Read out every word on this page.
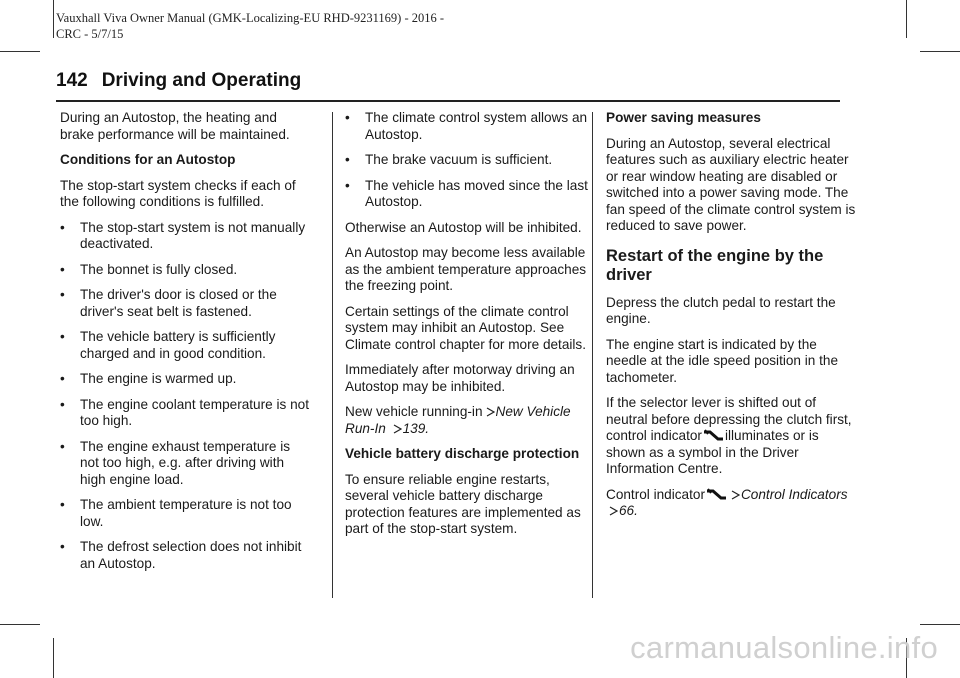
Vauxhall Viva Owner Manual (GMK-Localizing-EU RHD-9231169) - 2016 -
CRC - 5/7/15
142 Driving and Operating

During an Autostop, the heating and brake performance will be maintained.

Conditions for an Autostop

The stop-start system checks if each of the following conditions is fulfilled.

• The stop-start system is not manually deactivated.
• The bonnet is fully closed.
• The driver's door is closed or the driver's seat belt is fastened.
• The vehicle battery is sufficiently charged and in good condition.
• The engine is warmed up.
• The engine coolant temperature is not too high.
• The engine exhaust temperature is not too high, e.g. after driving with high engine load.
• The ambient temperature is not too low.
• The defrost selection does not inhibit an Autostop.
• The climate control system allows an Autostop.
• The brake vacuum is sufficient.
• The vehicle has moved since the last Autostop.

Otherwise an Autostop will be inhibited.

An Autostop may become less available as the ambient temperature approaches the freezing point.

Certain settings of the climate control system may inhibit an Autostop. See Climate control chapter for more details.

Immediately after motorway driving an Autostop may be inhibited.

New vehicle running-in New Vehicle Run-In 139.

Vehicle battery discharge protection

To ensure reliable engine restarts, several vehicle battery discharge protection features are implemented as part of the stop-start system.

Power saving measures

During an Autostop, several electrical features such as auxiliary electric heater or rear window heating are disabled or switched into a power saving mode. The fan speed of the climate control system is reduced to save power.

Restart of the engine by the driver

Depress the clutch pedal to restart the engine.

The engine start is indicated by the needle at the idle speed position in the tachometer.

If the selector lever is shifted out of neutral before depressing the clutch first, control indicator illuminates or is shown as a symbol in the Driver Information Centre.

Control indicator	Control Indicators 66.

carmanualsonline.info
